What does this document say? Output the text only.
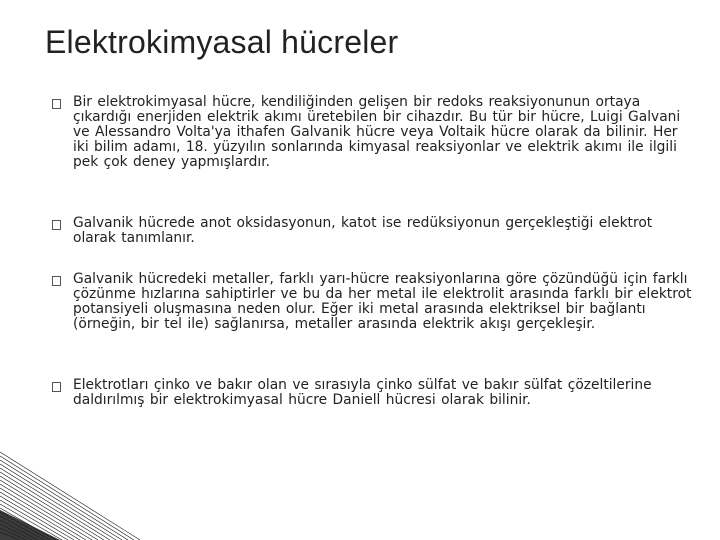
Elektrokimyasal hücreler
Bir elektrokimyasal hücre, kendiliğinden gelişen bir redoks reaksiyonunun ortaya çıkardığı enerjiden elektrik akımı üretebilen bir cihazdır. Bu tür bir hücre, Luigi Galvani ve Alessandro Volta'ya ithafen Galvanik hücre veya Voltaik hücre olarak da bilinir. Her iki bilim adamı, 18. yüzyılın sonlarında kimyasal reaksiyonlar ve elektrik akımı ile ilgili pek çok deney yapmışlardır.
Galvanik hücrede anot oksidasyonun, katot ise redüksiyonun gerçekleştiği elektrot olarak tanımlanır.
Galvanik hücredeki metaller, farklı yarı-hücre reaksiyonlarına göre çözündüğü için farklı çözünme hızlarına sahiptirler ve bu da her metal ile elektrolit arasında farklı bir elektrot potansiyeli oluşmasına neden olur. Eğer iki metal arasında elektriksel bir bağlantı (örneğin, bir tel ile) sağlanırsa, metaller arasında elektrik akışı gerçekleşir.
Elektrotları çinko ve bakır olan ve sırasıyla çinko sülfat ve bakır sülfat çözeltilerine daldırılmış bir elektrokimyasal hücre Daniell hücresi olarak bilinir.
